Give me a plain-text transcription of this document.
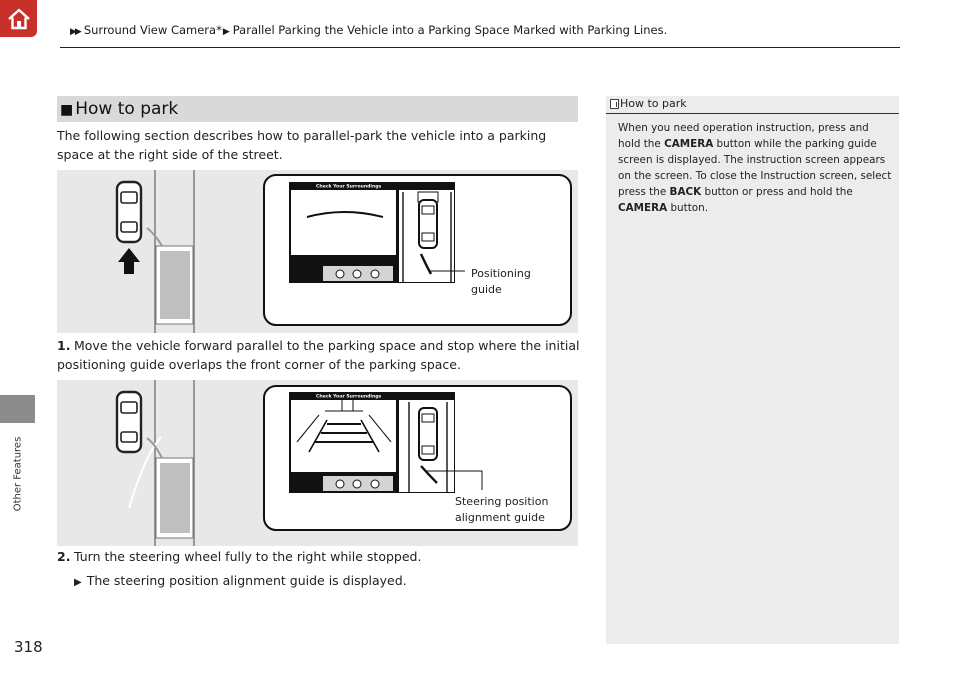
▶▶ Surround View Camera*▶ Parallel Parking the Vehicle into a Parking Space Marked with Parking Lines.
Other Features
318
■ How to park
The following section describes how to parallel-park the vehicle into a parking space at the right side of the street.
Check Your Surroundings
Positioning
guide
1. Move the vehicle forward parallel to the parking space and stop where the initial positioning guide overlaps the front corner of the parking space.
Check Your Surroundings
Steering position
alignment guide
2. Turn the steering wheel fully to the right while stopped.
▶ The steering position alignment guide is displayed.
How to park
When you need operation instruction, press and hold the CAMERA button while the parking guide screen is displayed. The instruction screen appears on the screen. To close the Instruction screen, select press the BACK button or press and hold the CAMERA button.
